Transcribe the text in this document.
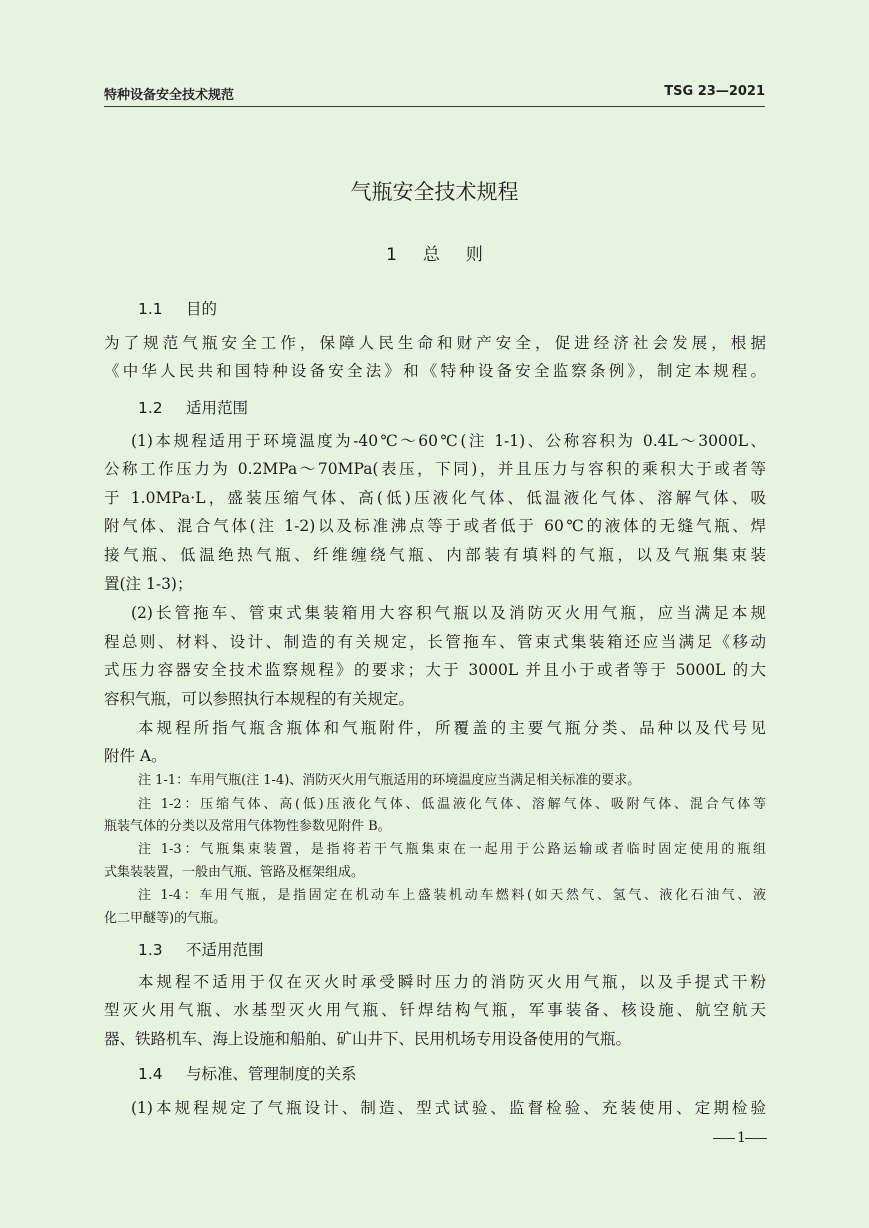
特种设备安全技术规范	TSG 23—2021
气瓶安全技术规程
1总则
1.1 目的
为了规范气瓶安全工作，保障人民生命和财产安全，促进经济社会发展，根据
《中华人民共和国特种设备安全法》和《特种设备安全监察条例》，制定本规程。
1.2 适用范围
(1)本规程适用于环境温度为-40℃～60℃(注 1-1)、公称容积为 0.4L～3000L、
公称工作压力为 0.2MPa～70MPa(表压，下同)，并且压力与容积的乘积大于或者等
于 1.0MPa·L，盛装压缩气体、高(低)压液化气体、低温液化气体、溶解气体、吸
附气体、混合气体(注 1-2)以及标准沸点等于或者低于 60℃的液体的无缝气瓶、焊
接气瓶、低温绝热气瓶、纤维缠绕气瓶、内部装有填料的气瓶，以及气瓶集束装
置(注 1-3)；
(2)长管拖车、管束式集装箱用大容积气瓶以及消防灭火用气瓶，应当满足本规
程总则、材料、设计、制造的有关规定，长管拖车、管束式集装箱还应当满足《移动
式压力容器安全技术监察规程》的要求；大于 3000L 并且小于或者等于 5000L 的大
容积气瓶，可以参照执行本规程的有关规定。
本规程所指气瓶含瓶体和气瓶附件，所覆盖的主要气瓶分类、品种以及代号见
附件 A。
注 1-1：车用气瓶(注 1-4)、消防灭火用气瓶适用的环境温度应当满足相关标准的要求。
注 1-2：压缩气体、高(低)压液化气体、低温液化气体、溶解气体、吸附气体、混合气体等
瓶装气体的分类以及常用气体物性参数见附件 B。
注 1-3：气瓶集束装置，是指将若干气瓶集束在一起用于公路运输或者临时固定使用的瓶组
式集装装置，一般由气瓶、管路及框架组成。
注 1-4：车用气瓶，是指固定在机动车上盛装机动车燃料(如天然气、氢气、液化石油气、液
化二甲醚等)的气瓶。
1.3 不适用范围
本规程不适用于仅在灭火时承受瞬时压力的消防灭火用气瓶，以及手提式干粉
型灭火用气瓶、水基型灭火用气瓶、钎焊结构气瓶，军事装备、核设施、航空航天
器、铁路机车、海上设施和船舶、矿山井下、民用机场专用设备使用的气瓶。
1.4 与标准、管理制度的关系
(1)本规程规定了气瓶设计、制造、型式试验、监督检验、充装使用、定期检验
1
